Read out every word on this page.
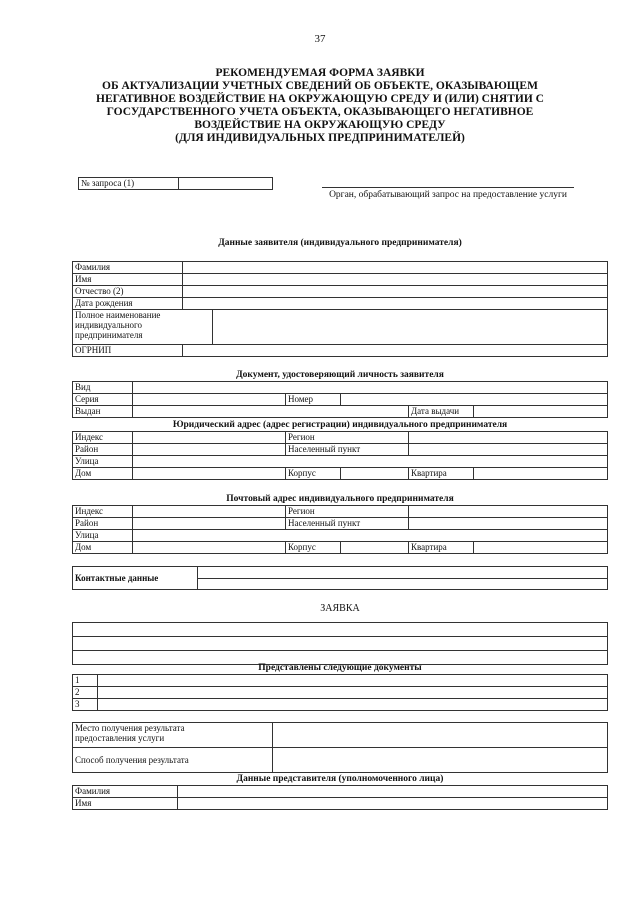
37
РЕКОМЕНДУЕМАЯ ФОРМА ЗАЯВКИ
ОБ АКТУАЛИЗАЦИИ УЧЕТНЫХ СВЕДЕНИЙ ОБ ОБЪЕКТЕ, ОКАЗЫВАЮЩЕМ
НЕГАТИВНОЕ ВОЗДЕЙСТВИЕ НА ОКРУЖАЮЩУЮ СРЕДУ И (ИЛИ) СНЯТИИ С
ГОСУДАРСТВЕННОГО УЧЕТА ОБЪЕКТА, ОКАЗЫВАЮЩЕГО НЕГАТИВНОЕ
ВОЗДЕЙСТВИЕ НА ОКРУЖАЮЩУЮ СРЕДУ
(ДЛЯ ИНДИВИДУАЛЬНЫХ ПРЕДПРИНИМАТЕЛЕЙ)
№ запроса (1)	
Орган, обрабатывающий запрос на предоставление услуги
Данные заявителя (индивидуального предпринимателя)
Фамилия		
Имя		
Отчество (2)		
Дата рождения		

Полное наименование
индивидуального
предпринимателя		

ОГРНИП		
Документ, удостоверяющий личность заявителя
Вид					
Серия		Номер			
Выдан				Дата выдачи	
Юридический адрес (адрес регистрации) индивидуального предпринимателя
Индекс		Регион			
Район		Населенный пункт			
Улица					
Дом		Корпус		Квартира	
Почтовый адрес индивидуального предпринимателя
Индекс		Регион			
Район		Населенный пункт			
Улица					
Дом		Корпус		Квартира	
Контактные данные	
ЗАЯВКА

Представлены следующие документы
1	
2	
3	
Место получения результата
предоставления услуги	

Способ получения результата	
Данные представителя (уполномоченного лица)
Фамилия	
Имя	
